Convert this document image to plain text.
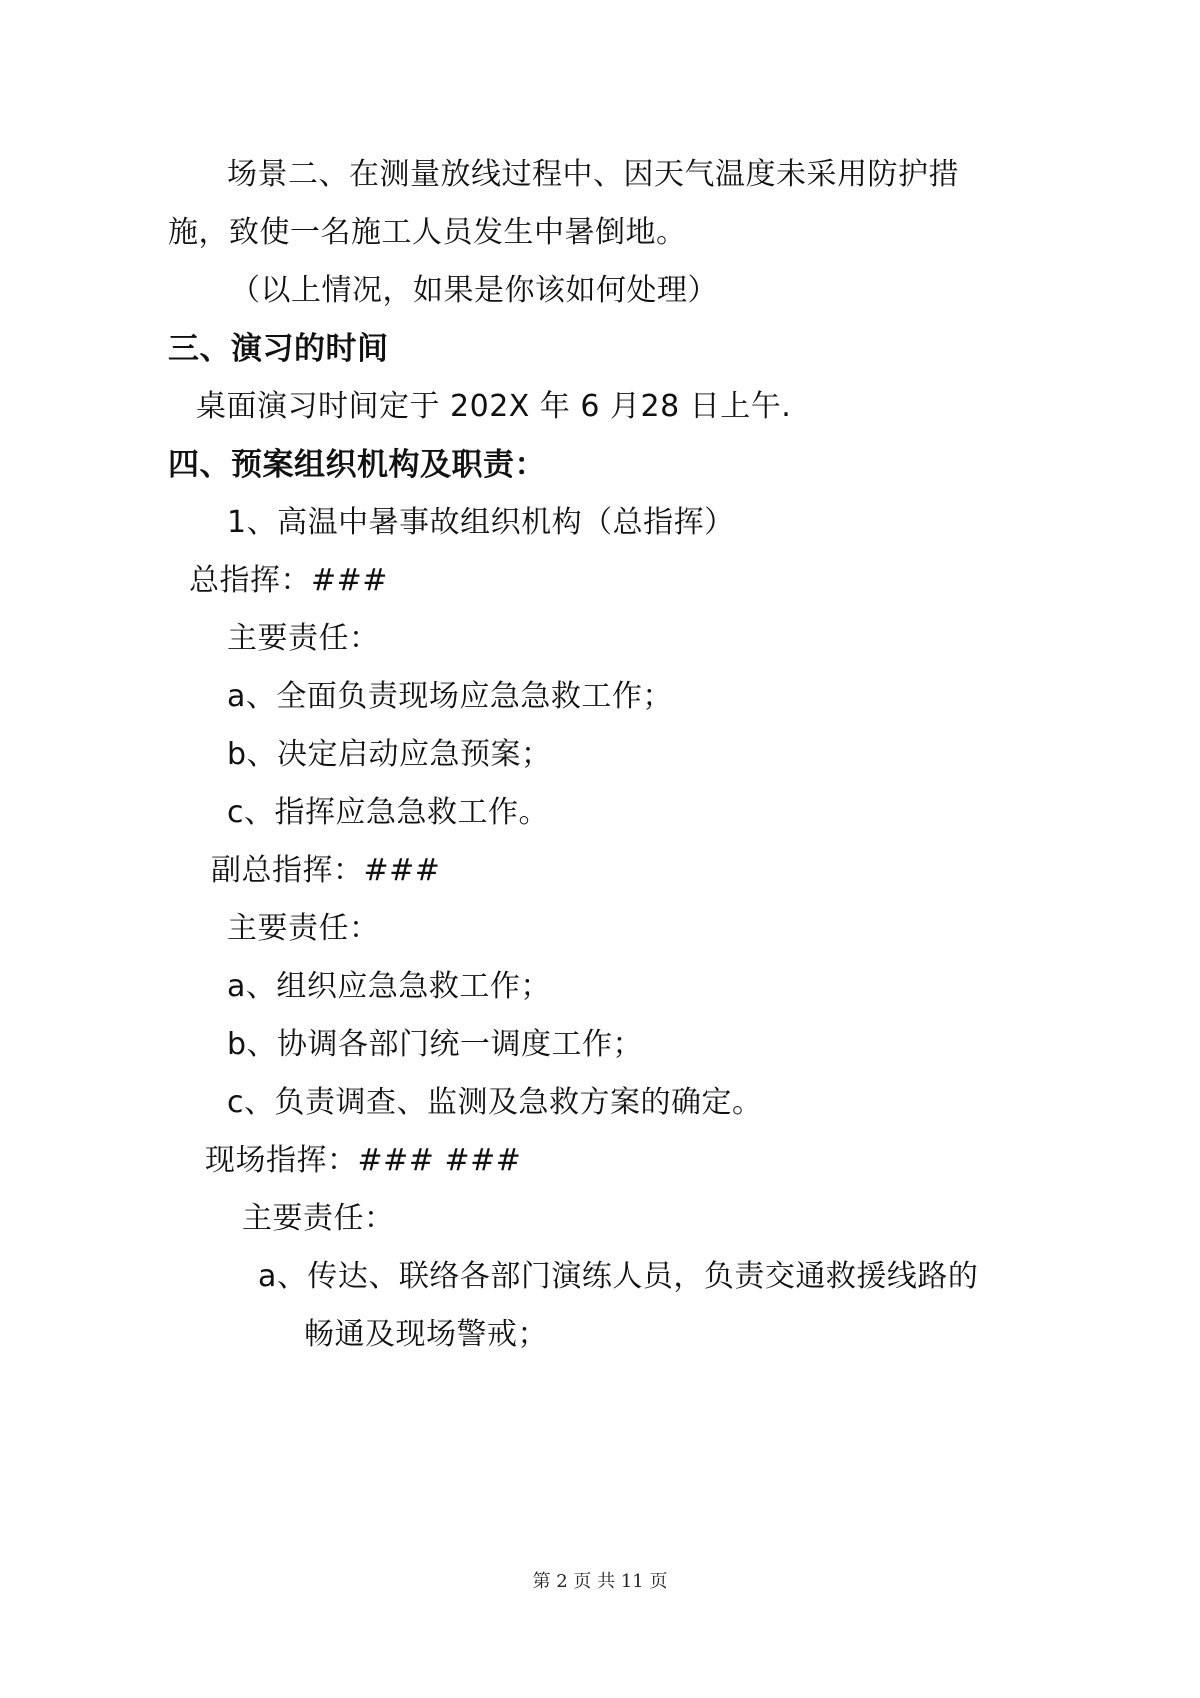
场景二、在测量放线过程中、因天气温度未采用防护措
施，致使一名施工人员发生中暑倒地。
（以上情况，如果是你该如何处理）
三、演习的时间
桌面演习时间定于 202X 年 6 月28 日上午.
四、预案组织机构及职责：
1、高温中暑事故组织机构（总指挥）
总指挥：###
主要责任：
a、全面负责现场应急急救工作；
b、决定启动应急预案；
c、指挥应急急救工作。
副总指挥：###
主要责任：
a、组织应急急救工作；
b、协调各部门统一调度工作；
c、负责调查、监测及急救方案的确定。
现场指挥：### ###
主要责任：
a、传达、联络各部门演练人员，负责交通救援线路的
畅通及现场警戒；
第 2 页 共 11 页
